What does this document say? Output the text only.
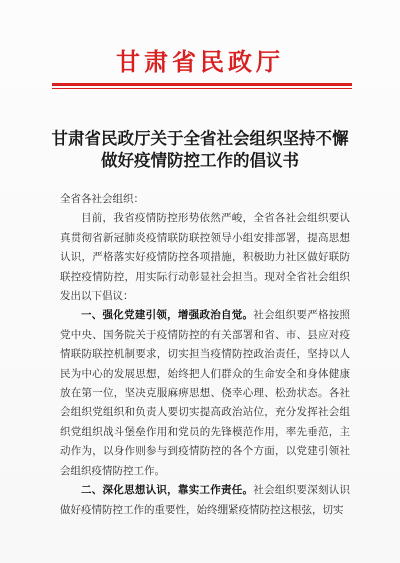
甘肃省民政厅
甘肃省民政厅关于全省社会组织坚持不懈
做好疫情防控工作的倡议书

全省各社会组织：

目前，我省疫情防控形势依然严峻，全省各社会组织要认真贯彻省新冠肺炎疫情联防联控领导小组安排部署，提高思想认识，严格落实好疫情防控各项措施，积极助力社区做好联防联控疫情防控，用实际行动彰显社会担当。现对全省社会组织发出以下倡议：

一、强化党建引领，增强政治自觉。社会组织要严格按照党中央、国务院关于疫情防控的有关部署和省、市、县应对疫情联防联控机制要求，切实担当疫情防控政治责任，坚持以人民为中心的发展思想，始终把人们群众的生命安全和身体健康放在第一位，坚决克服麻痹思想、侥幸心理、松劲状态。各社会组织党组织和负责人要切实提高政治站位，充分发挥社会组织党组织战斗堡垒作用和党员的先锋模范作用，率先垂范，主动作为，以身作则参与到疫情防控的各个方面，以党建引领社会组织疫情防控工作。

二、深化思想认识，靠实工作责任。社会组织要深刻认识做好疫情防控工作的重要性，始终绷紧疫情防控这根弦，切实
